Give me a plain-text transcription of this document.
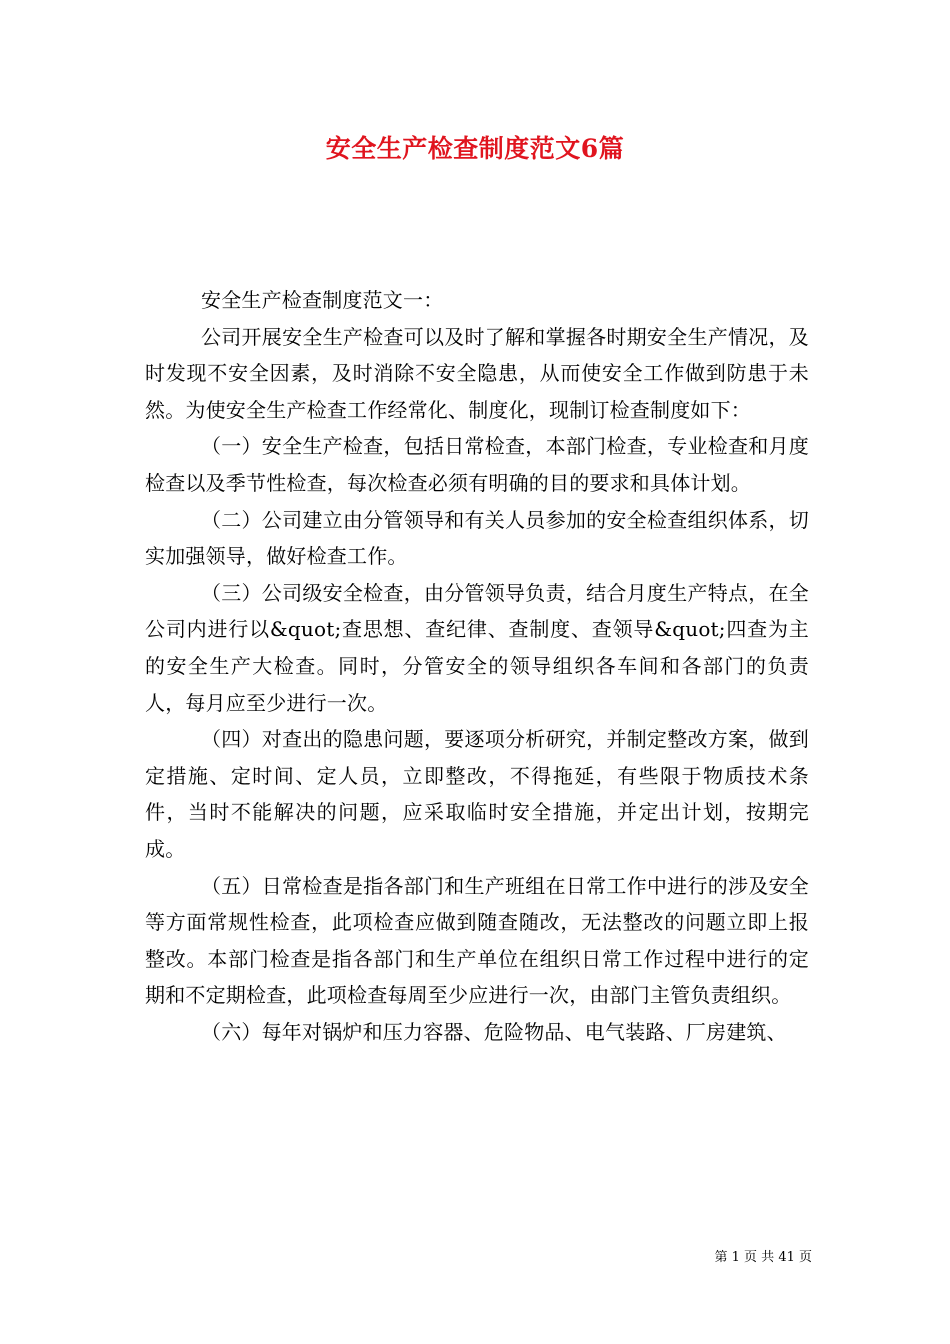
安全生产检查制度范文6篇

安全生产检查制度范文一：

公司开展安全生产检查可以及时了解和掌握各时期安全生产情况，及时发现不安全因素，及时消除不安全隐患，从而使安全工作做到防患于未然。为使安全生产检查工作经常化、制度化，现制订检查制度如下：

（一）安全生产检查，包括日常检查，本部门检查，专业检查和月度检查以及季节性检查，每次检查必须有明确的目的要求和具体计划。

（二）公司建立由分管领导和有关人员参加的安全检查组织体系，切实加强领导，做好检查工作。

（三）公司级安全检查，由分管领导负责，结合月度生产特点，在全公司内进行以&quot;查思想、查纪律、查制度、查领导&quot;四查为主的安全生产大检查。同时，分管安全的领导组织各车间和各部门的负责人，每月应至少进行一次。

（四）对查出的隐患问题，要逐项分析研究，并制定整改方案，做到定措施、定时间、定人员，立即整改，不得拖延，有些限于物质技术条件，当时不能解决的问题，应采取临时安全措施，并定出计划，按期完成。

（五）日常检查是指各部门和生产班组在日常工作中进行的涉及安全等方面常规性检查，此项检查应做到随查随改，无法整改的问题立即上报整改。本部门检查是指各部门和生产单位在组织日常工作过程中进行的定期和不定期检查，此项检查每周至少应进行一次，由部门主管负责组织。

（六）每年对锅炉和压力容器、危险物品、电气装路、厂房建筑、

第 1 页 共 41 页
